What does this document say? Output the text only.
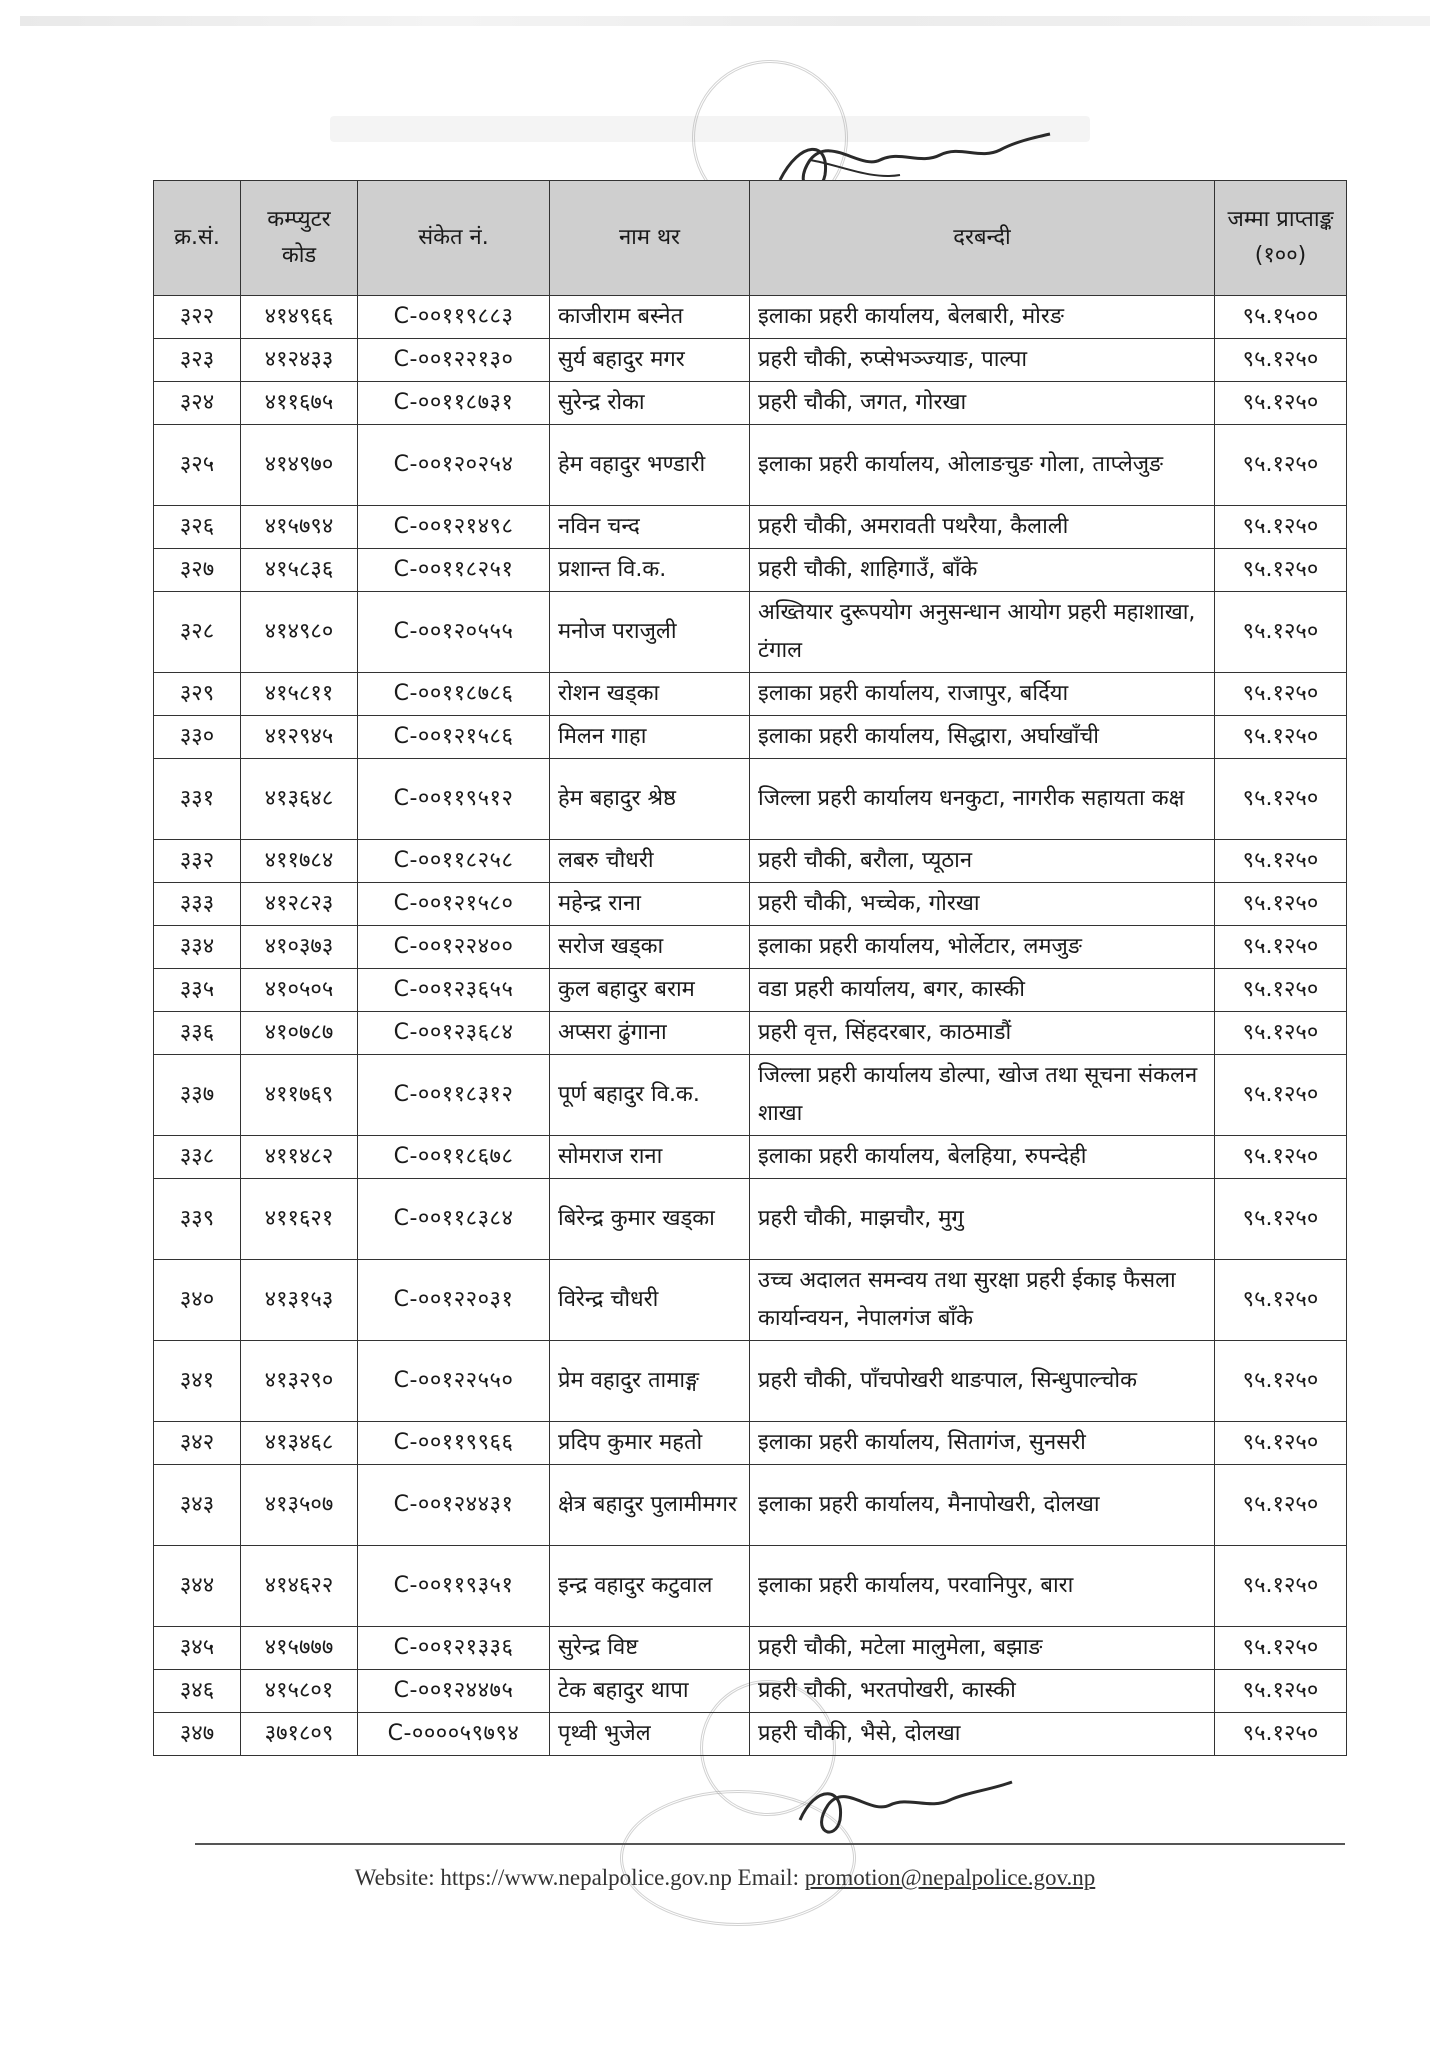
क्र.सं.	कम्प्युटर कोड	संकेत नं.	नाम थर	दरबन्दी	जम्मा प्राप्ताङ्क (१००)
३२२	४१४९६६	C-००११९८८३	काजीराम बस्नेत	इलाका प्रहरी कार्यालय, बेलबारी, मोरङ	९५.१५००
३२३	४१२४३३	C-००१२२१३०	सुर्य बहादुर मगर	प्रहरी चौकी, रुप्सेभञ्ज्याङ, पाल्पा	९५.१२५०
३२४	४११६७५	C-००११८७३१	सुरेन्द्र रोका	प्रहरी चौकी, जगत, गोरखा	९५.१२५०
३२५	४१४९७०	C-००१२०२५४	हेम वहादुर भण्डारी	इलाका प्रहरी कार्यालय, ओलाङचुङ गोला, ताप्लेजुङ	९५.१२५०
३२६	४१५७९४	C-००१२१४९८	नविन चन्द	प्रहरी चौकी, अमरावती पथरैया, कैलाली	९५.१२५०
३२७	४१५८३६	C-००११८२५१	प्रशान्त वि.क.	प्रहरी चौकी, शाहिगाउँ, बाँके	९५.१२५०
३२८	४१४९८०	C-००१२०५५५	मनोज पराजुली	अख्तियार दुरूपयोग अनुसन्धान आयोग प्रहरी महाशाखा, टंगाल	९५.१२५०
३२९	४१५८११	C-००११८७८६	रोशन खड्का	इलाका प्रहरी कार्यालय, राजापुर, बर्दिया	९५.१२५०
३३०	४१२९४५	C-००१२१५८६	मिलन गाहा	इलाका प्रहरी कार्यालय, सिद्धारा, अर्घाखाँची	९५.१२५०
३३१	४१३६४८	C-००११९५१२	हेम बहादुर श्रेष्ठ	जिल्ला प्रहरी कार्यालय धनकुटा, नागरीक सहायता कक्ष	९५.१२५०
३३२	४११७८४	C-००११८२५८	लबरु चौधरी	प्रहरी चौकी, बरौला, प्यूठान	९५.१२५०
३३३	४१२८२३	C-००१२१५८०	महेन्द्र राना	प्रहरी चौकी, भच्चेक, गोरखा	९५.१२५०
३३४	४१०३७३	C-००१२२४००	सरोज खड्का	इलाका प्रहरी कार्यालय, भोर्लेटार, लमजुङ	९५.१२५०
३३५	४१०५०५	C-००१२३६५५	कुल बहादुर बराम	वडा प्रहरी कार्यालय, बगर, कास्की	९५.१२५०
३३६	४१०७८७	C-००१२३६८४	अप्सरा ढुंगाना	प्रहरी वृत्त, सिंहदरबार, काठमाडौं	९५.१२५०
३३७	४११७६९	C-००११८३१२	पूर्ण बहादुर वि.क.	जिल्ला प्रहरी कार्यालय डोल्पा, खोज तथा सूचना संकलन शाखा	९५.१२५०
३३८	४११४८२	C-००११८६७८	सोमराज राना	इलाका प्रहरी कार्यालय, बेलहिया, रुपन्देही	९५.१२५०
३३९	४११६२१	C-००११८३८४	बिरेन्द्र कुमार खड्का	प्रहरी चौकी, माझचौर, मुगु	९५.१२५०
३४०	४१३१५३	C-००१२२०३१	विरेन्द्र चौधरी	उच्च अदालत समन्वय तथा सुरक्षा प्रहरी ईकाइ फैसला कार्यान्वयन, नेपालगंज बाँके	९५.१२५०
३४१	४१३२९०	C-००१२२५५०	प्रेम वहादुर तामाङ्ग	प्रहरी चौकी, पाँचपोखरी थाङपाल, सिन्धुपाल्चोक	९५.१२५०
३४२	४१३४६८	C-००११९९६६	प्रदिप कुमार महतो	इलाका प्रहरी कार्यालय, सितागंज, सुनसरी	९५.१२५०
३४३	४१३५०७	C-००१२४४३१	क्षेत्र बहादुर पुलामीमगर	इलाका प्रहरी कार्यालय, मैनापोखरी, दोलखा	९५.१२५०
३४४	४१४६२२	C-००११९३५१	इन्द्र वहादुर कटुवाल	इलाका प्रहरी कार्यालय, परवानिपुर, बारा	९५.१२५०
३४५	४१५७७७	C-००१२१३३६	सुरेन्द्र विष्ट	प्रहरी चौकी, मटेला मालुमेला, बझाङ	९५.१२५०
३४६	४१५८०१	C-००१२४४७५	टेक बहादुर थापा	प्रहरी चौकी, भरतपोखरी, कास्की	९५.१२५०
३४७	३७१८०९	C-००००५९७९४	पृथ्वी भुजेल	प्रहरी चौकी, भैसे, दोलखा	९५.१२५०
Website: https://www.nepalpolice.gov.np Email: promotion@nepalpolice.gov.np
